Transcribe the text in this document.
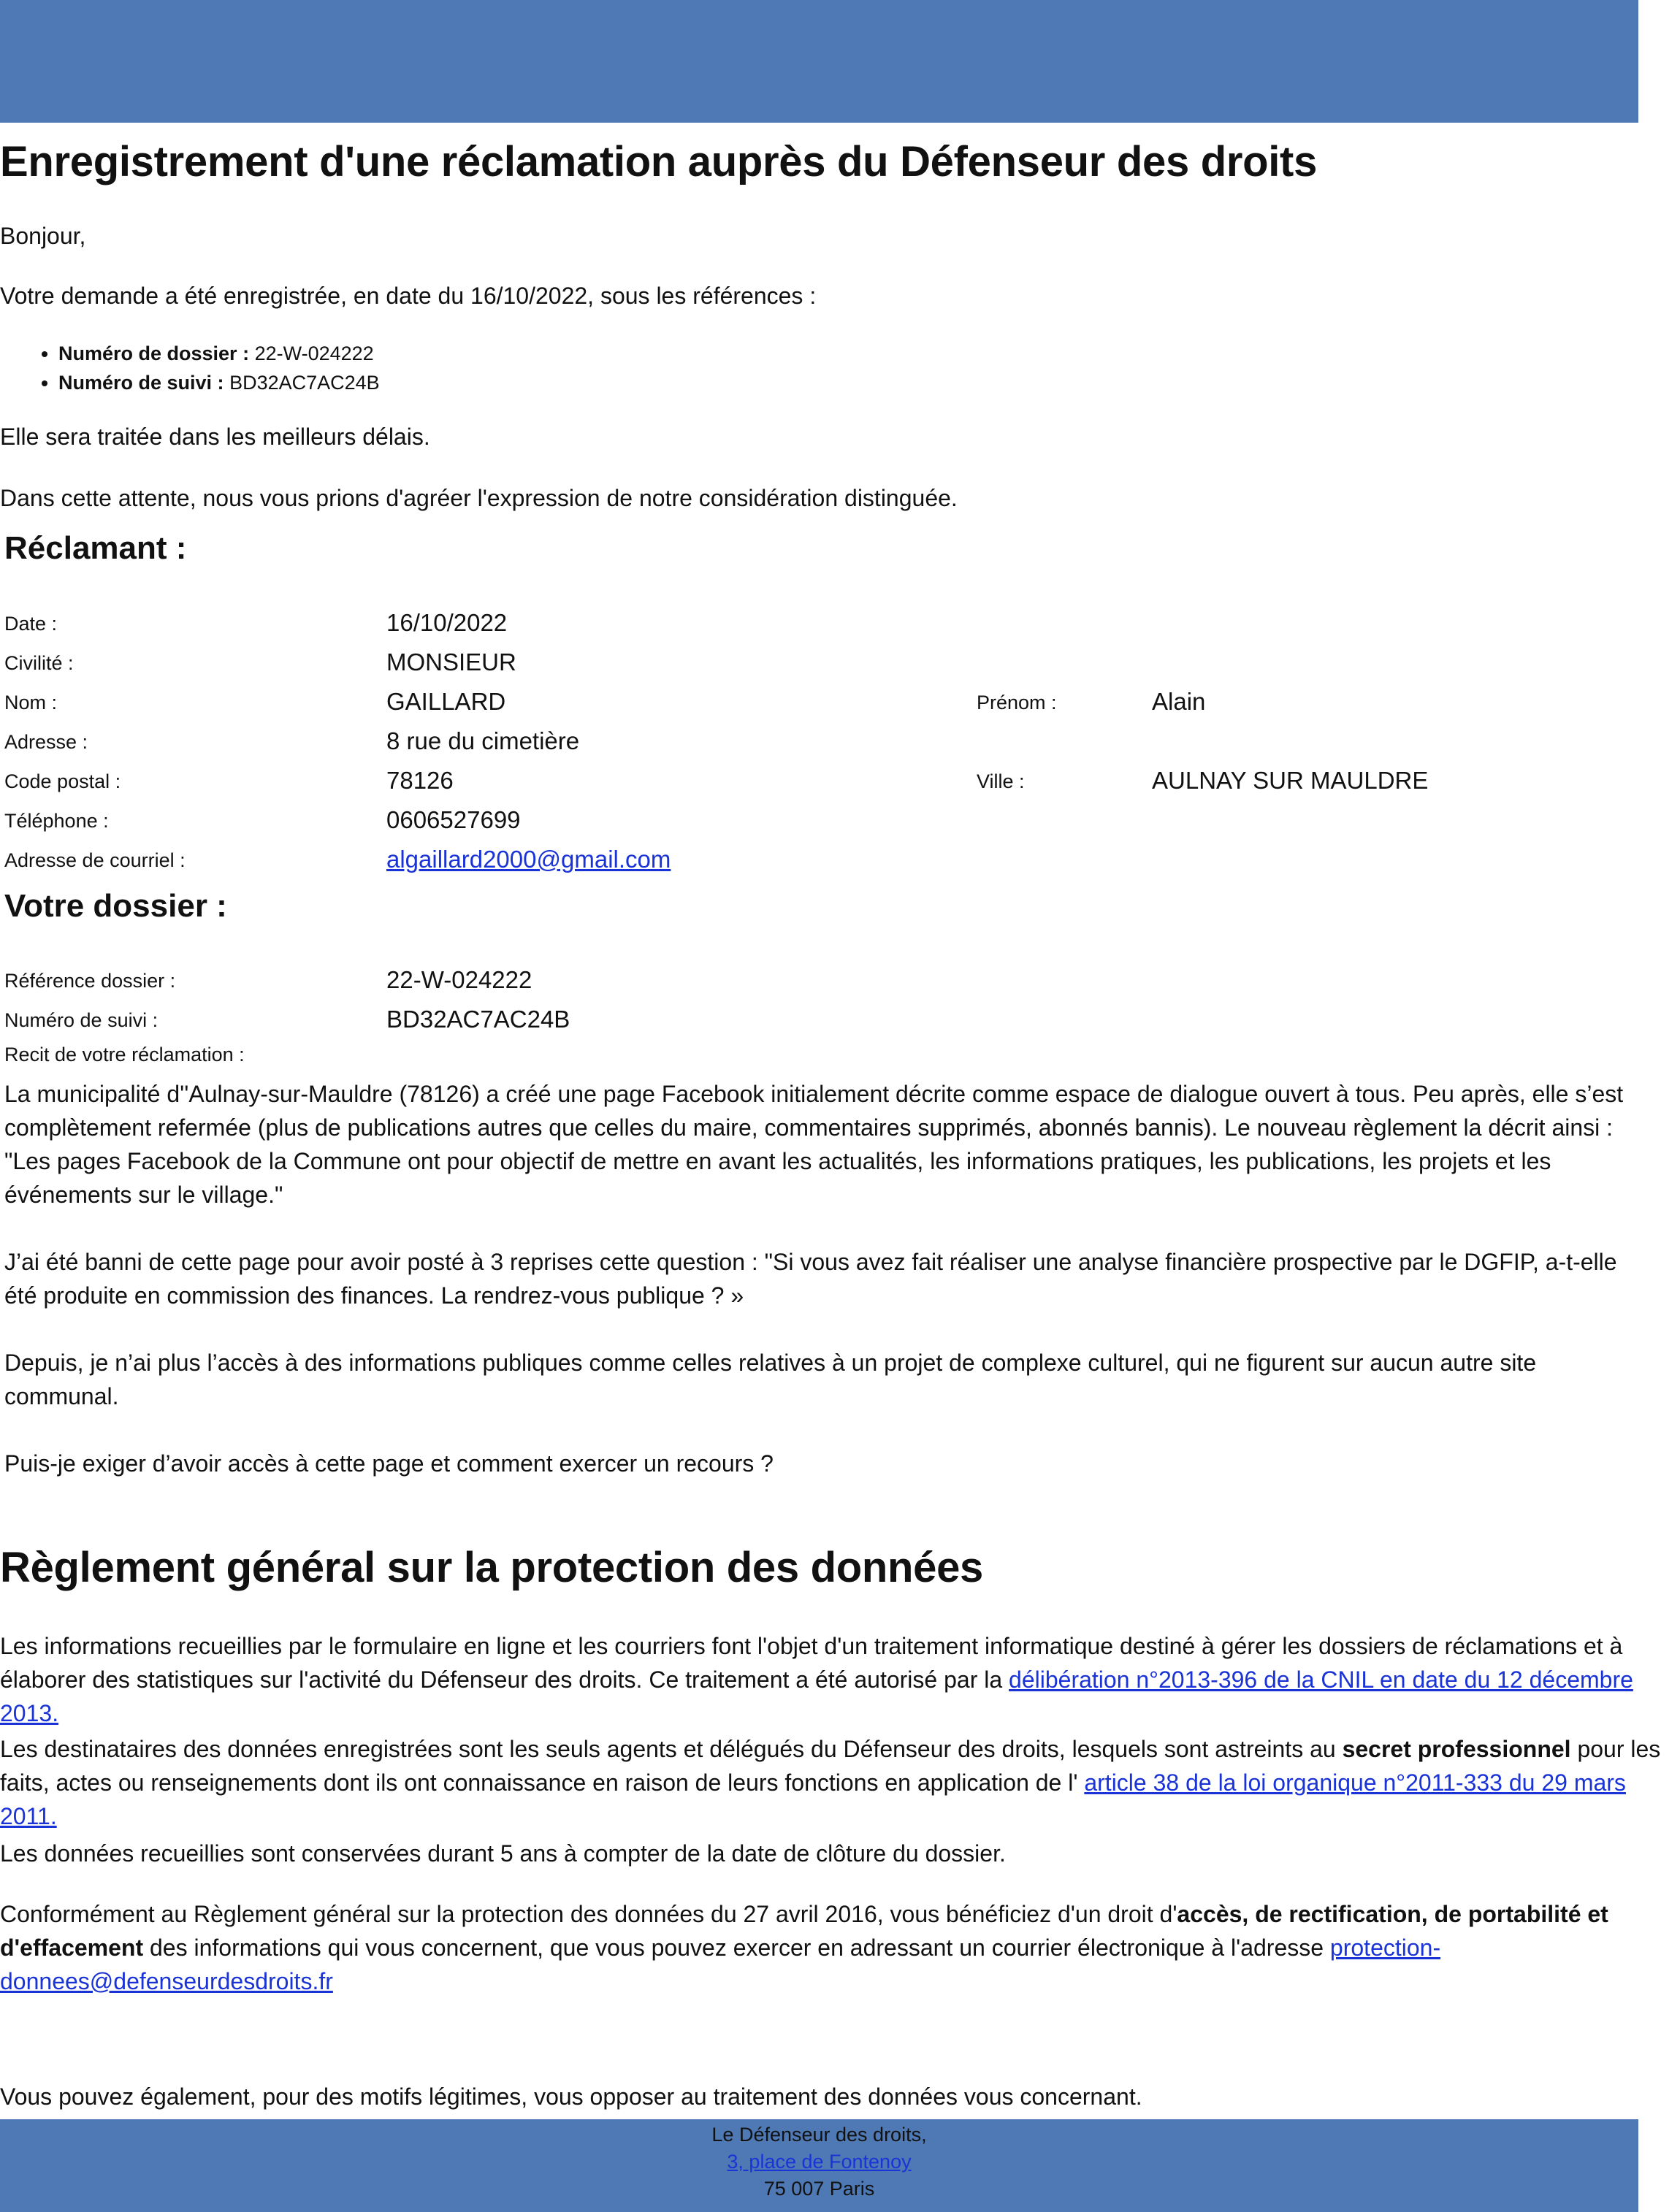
Enregistrement d'une réclamation auprès du Défenseur des droits

Bonjour,

Votre demande a été enregistrée, en date du 16/10/2022, sous les références :

• Numéro de dossier : 22-W-024222
• Numéro de suivi : BD32AC7AC24B

Elle sera traitée dans les meilleurs délais.

Dans cette attente, nous vous prions d'agréer l'expression de notre considération distinguée.

Réclamant :
Date :	16/10/2022
Civilité :	MONSIEUR
Nom :	GAILLARD	Prénom :	Alain
Adresse :	8 rue du cimetière
Code postal :	78126	Ville :	AULNAY SUR MAULDRE
Téléphone :	0606527699
Adresse de courriel :	algaillard2000@gmail.com
Votre dossier :
Référence dossier :	22-W-024222
Numéro de suivi :	BD32AC7AC24B
Recit de votre réclamation :
La municipalité d''Aulnay-sur-Mauldre (78126) a créé une page Facebook initialement décrite comme espace de dialogue ouvert à tous. Peu après, elle s’est complètement refermée (plus de publications autres que celles du maire, commentaires supprimés, abonnés bannis). Le nouveau règlement la décrit ainsi :
"Les pages Facebook de la Commune ont pour objectif de mettre en avant les actualités, les informations pratiques, les publications, les projets et les événements sur le village."

J’ai été banni de cette page pour avoir posté à 3 reprises cette question : "Si vous avez fait réaliser une analyse financière prospective par le DGFIP, a-t-elle été produite en commission des finances. La rendrez-vous publique ? »

Depuis, je n’ai plus l’accès à des informations publiques comme celles relatives à un projet de complexe culturel, qui ne figurent sur aucun autre site communal.

Puis-je exiger d’avoir accès à cette page et comment exercer un recours ?
Règlement général sur la protection des données

Les informations recueillies par le formulaire en ligne et les courriers font l'objet d'un traitement informatique destiné à gérer les dossiers de réclamations et à élaborer des statistiques sur l'activité du Défenseur des droits. Ce traitement a été autorisé par la délibération n°2013-396 de la CNIL en date du 12 décembre 2013.

Les destinataires des données enregistrées sont les seuls agents et délégués du Défenseur des droits, lesquels sont astreints au secret professionnel pour les faits, actes ou renseignements dont ils ont connaissance en raison de leurs fonctions en application de l' article 38 de la loi organique n°2011-333 du 29 mars 2011.

Les données recueillies sont conservées durant 5 ans à compter de la date de clôture du dossier.

Conformément au Règlement général sur la protection des données du 27 avril 2016, vous bénéficiez d'un droit d'accès, de rectification, de portabilité et d'effacement des informations qui vous concernent, que vous pouvez exercer en adressant un courrier électronique à l'adresse protection-donnees@defenseurdesdroits.fr

Vous pouvez également, pour des motifs légitimes, vous opposer au traitement des données vous concernant.

Le Défenseur des droits,
3, place de Fontenoy
75 007 Paris
